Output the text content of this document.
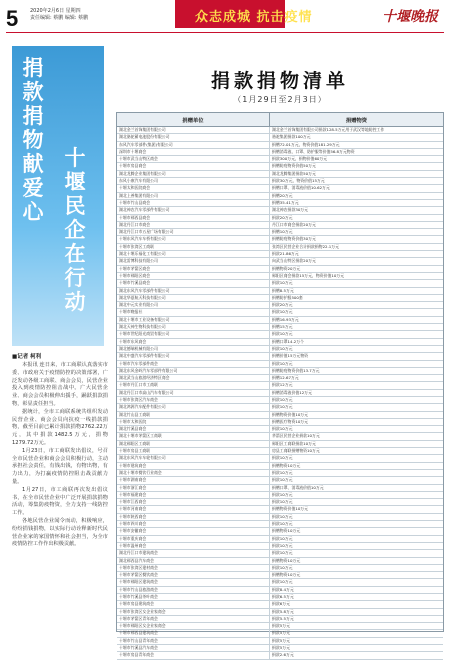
5 2020年2月6日 星期四
责任编辑: 蔡鹏 编辑: 蔡鹏	众志成城 抗击疫情	十堰晚报
捐款捐物献爱心
十堰民企在行动
■记者 柯利

本报讯 连日来，市工商联认真落实市委、市政府关于疫情防控的决策部署，广泛发动各级工商联、商会会员，民营企业投入到疫情防控阻击战中。广大民营企业、商会会员积极伸出援手，踊跃捐款捐物，彰显责任担当。

据统计，全市工商联系统共组织发动民营企业、商会会员向抗疫一线捐款捐物，截至目前已累计捐款捐物2762.22万元，其中捐款1482.5万元，捐物1279.72万元。

1月23日，市工商联发出倡议，号召全市民营企业和商会会员积极行动，主动承担社会责任，有钱出钱，有物出物，有力出力，为打赢疫情防控阻击战贡献力量。

1月27日，市工商联再次发出倡议书，在全市民营企业中广泛开展捐款捐物活动，筹集防疫物资，全力支持一线防控工作。

各地民营企业闻令而动，积极响应，纷纷捐钱捐物，以实际行动诠释新时代民营企业家的家国情怀和社会担当，为全市疫情防控工作作出积极贡献。

捐款捐物清单
（1月29日至2月3日）
捐赠单位	捐赠物资
湖北金兰首饰集团有限公司	湖北金兰首饰集团有限公司捐款128.5万元用于武汉等地防控工作
湖北骆驼蓄电池股份有限公司	骆驼集团捐款100万元
东风汽车零部件(集团)有限公司	捐赠72.01万元，物资价值181.29万元
深圳市十堰商会	捐赠消毒液、口罩、防护服等价值56.8万元物资
十堰市武当山特区商会	捐款300万元，捐物价值60万元
十堰市房县商会	捐赠防疫物资价值50万元
湖北龙腾企业集团有限公司	湖北龙腾集团捐款50万元
东风小康汽车有限公司	捐款30万元，物资价值15万元
十堰太和医院商会	捐赠口罩、消毒液价值10.62万元
湖北上善集团有限公司	捐赠20万元
十堰市竹山县商会	捐赠35.41万元
湖北神农汽车零部件有限公司	湖北神农捐款30万元
十堰市郧西县商会	捐款20万元
湖北丹江口市商会	丹江口市商会捐款20万元
湖北丹江口市五星广场有限公司	捐赠10万元
十堰东风汽车车桥有限公司	捐赠防疫物资价值30万元
十堰市张湾区工商联	张湾区民营企业合计捐款捐物22.1万元
湖北十堰乐福化工有限公司	捐款21.86万元
湖北雷博科技有限公司	向武当山特区捐款20万元
十堰市茅箭区商会	捐赠物资20万元
十堰市郧阳区商会	郧阳区商会捐款15万元，物资价值10万元
十堰市竹溪县商会	捐款10万元
湖北东风汽车零部件有限公司	捐赠8.5万元
湖北华夏航天科技有限公司	捐赠防护服500套
湖北中元实业有限公司	捐款20万元
十堰市晚报社	捐款10万元
湖北十堰市工业设备有限公司	捐赠16.93万元
湖北天神生物科技有限公司	捐赠15万元
十堰市世纪阳光商贸有限公司	捐款10万元
十堰市东风商会	捐赠口罩14.2万个
湖北德瑞机械有限公司	捐款10万元
湖北中盛汽车零部件有限公司	捐赠价值15万元物资
十堰市汽车零部件商会	捐款10万元
湖北东风金岭汽车零部件有限公司	捐赠防疫物资价值13.7万元
湖北武当山旅游经济特区商会	捐赠12.67万元
十堰市丹江口市工商联	捐款12万元
湖北丹江口市高山汽车有限公司	捐赠消毒液价值12万元
十堰市张湾区汽车商会	捐款10万元
湖北鸿源汽车配件有限公司	捐款10万元
湖北竹山县工商联	捐赠物资价值10万元
十堰市太和医院	捐赠医疗物资10万元
湖北竹溪县商会	捐款10万元
湖北十堰市茅箭区工商联	茅箭区民营企业捐款10万元
湖北郧阳区工商联	郧阳区工商联捐款10万元
十堰市房县工商联	房县工商联捐赠物资10万元
湖北东风汽车车轮有限公司	捐款10万元
十堰市建筑商会	捐赠物资10万元
湖北十堰市餐饮行业商会	捐款10万元
十堰市湖南商会	捐款10万元
十堰市浙江商会	捐赠口罩、消毒液价值10万元
十堰市福建商会	捐款10万元
十堰市江西商会	捐款10万元
十堰市河南商会	捐赠物资价值10万元
十堰市陕西商会	捐款10万元
十堰市四川商会	捐款10万元
十堰市安徽商会	捐赠物资10万元
十堰市重庆商会	捐款10万元
十堰市温州商会	捐款10万元
湖北丹江口市建筑商会	捐款10万元
湖北郧西县汽车商会	捐赠物资10万元
十堰市张湾区建材商会	捐款10万元
十堰市茅箭区餐饮商会	捐赠物资10万元
十堰市郧阳区建筑商会	捐款10万元
十堰市竹山县旅游商会	捐款8.4万元
十堰市竹溪县茶叶商会	捐款6.5万元
十堰市房县建筑商会	捐款6万元
十堰市张湾区女企业家商会	捐款5.8万元
十堰市茅箭区青年商会	捐款5.5万元
十堰市郧阳区女企业家商会	捐款5万元
十堰市郧西县建筑商会	捐款5万元
十堰市竹山县青年商会	捐款5万元
十堰市竹溪县汽车商会	捐款5万元
十堰市房县青年商会	捐款2.6万元
